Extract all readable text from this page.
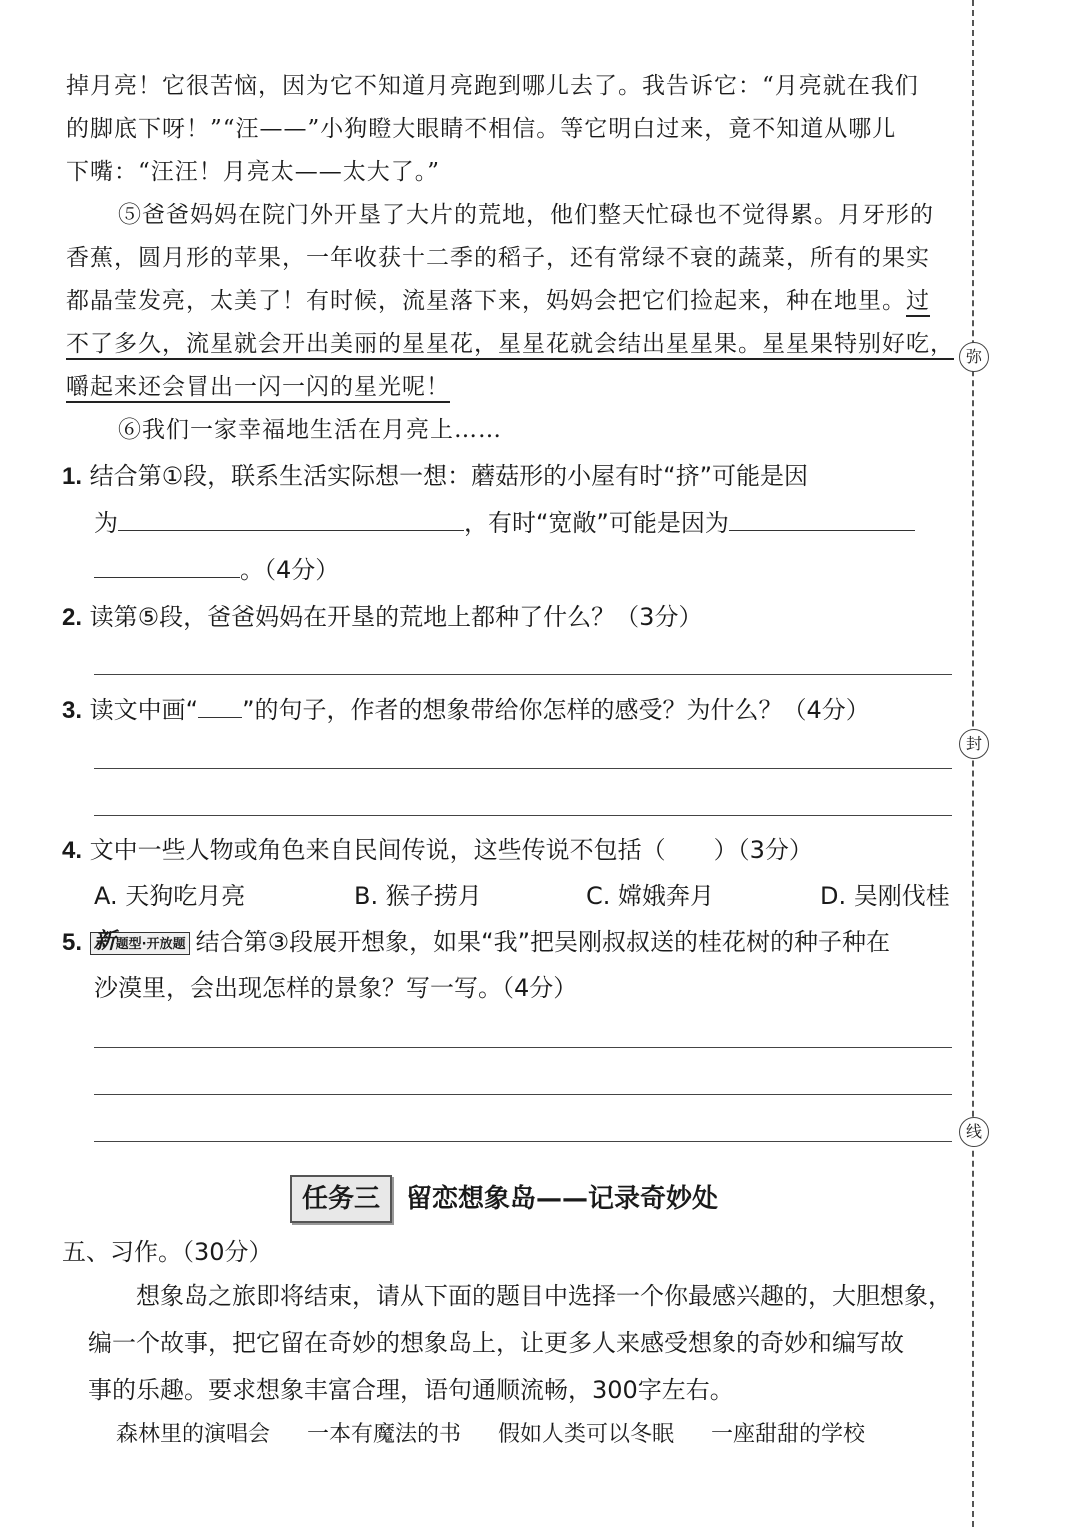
掉月亮！它很苦恼，因为它不知道月亮跑到哪儿去了。我告诉它：“月亮就在我们
的脚底下呀！”“汪——”小狗瞪大眼睛不相信。等它明白过来，竟不知道从哪儿
下嘴：“汪汪！月亮太——太大了。”
⑤爸爸妈妈在院门外开垦了大片的荒地，他们整天忙碌也不觉得累。月牙形的
香蕉，圆月形的苹果，一年收获十二季的稻子，还有常绿不衰的蔬菜，所有的果实
都晶莹发亮，太美了！有时候，流星落下来，妈妈会把它们捡起来，种在地里。过
不了多久，流星就会开出美丽的星星花，星星花就会结出星星果。星星果特别好吃，
嚼起来还会冒出一闪一闪的星光呢！
⑥我们一家幸福地生活在月亮上……
1. 结合第①段，联系生活实际想一想：蘑菇形的小屋有时“挤”可能是因
为	，有时“宽敞”可能是因为
。（4分）
2. 读第⑤段，爸爸妈妈在开垦的荒地上都种了什么？（3分）
3. 读文中画“ ”的句子，作者的想象带给你怎样的感受？为什么？（4分）
4. 文中一些人物或角色来自民间传说，这些传说不包括（　　）（3分）
A. 天狗吃月亮	B. 猴子捞月	C. 嫦娥奔月	D. 吴刚伐桂
5. 新题型·开放题 结合第③段展开想象，如果“我”把吴刚叔叔送的桂花树的种子种在
沙漠里，会出现怎样的景象？写一写。（4分）
任务三 留恋想象岛——记录奇妙处
五、习作。（30分）
想象岛之旅即将结束，请从下面的题目中选择一个你最感兴趣的，大胆想象，
编一个故事，把它留在奇妙的想象岛上，让更多人来感受想象的奇妙和编写故
事的乐趣。要求想象丰富合理，语句通顺流畅，300字左右。
森林里的演唱会 一本有魔法的书 假如人类可以冬眠 一座甜甜的学校
弥
封
线
